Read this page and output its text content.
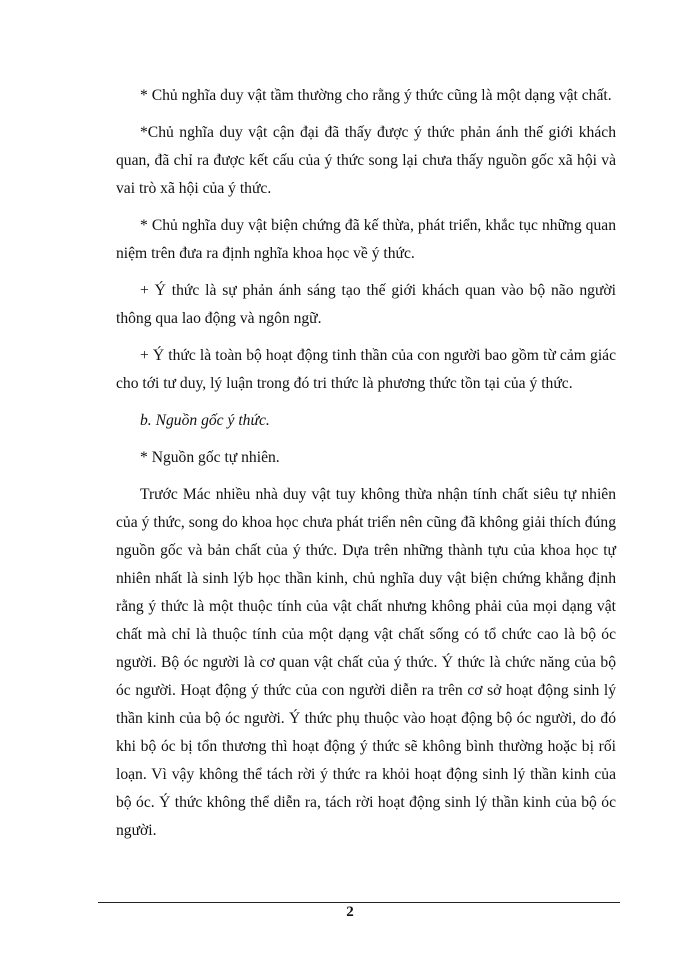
* Chủ nghĩa duy vật tầm thường cho rằng ý thức cũng là một dạng vật chất.

*Chủ nghĩa duy vật cận đại đã thấy được ý thức phản ánh thế giới khách quan, đã chỉ ra được kết cấu của ý thức song lại chưa thấy nguồn gốc xã hội và vai trò xã hội của ý thức.

* Chủ nghĩa duy vật biện chứng đã kế thừa, phát triển, khắc tục những quan niệm trên đưa ra định nghĩa khoa học về ý thức.

+ Ý thức là sự phản ánh sáng tạo thế giới khách quan vào bộ não người thông qua lao động và ngôn ngữ.

+ Ý thức là toàn bộ hoạt động tinh thần của con người bao gồm từ cảm giác cho tới tư duy, lý luận trong đó tri thức là phương thức tồn tại của ý thức.

b. Nguồn gốc ý thức.

* Nguồn gốc tự nhiên.

Trước Mác nhiều nhà duy vật tuy không thừa nhận tính chất siêu tự nhiên của ý thức, song do khoa học chưa phát triển nên cũng đã không giải thích đúng nguồn gốc và bản chất của ý thức. Dựa trên những thành tựu của khoa học tự nhiên nhất là sinh lýb học thần kinh, chủ nghĩa duy vật biện chứng khẳng định rằng ý thức là một thuộc tính của vật chất nhưng không phải của mọi dạng vật chất mà chỉ là thuộc tính của một dạng vật chất sống có tổ chức cao là bộ óc người. Bộ óc người là cơ quan vật chất của ý thức. Ý thức là chức năng của bộ óc người. Hoạt động ý thức của con người diễn ra trên cơ sở hoạt động sinh lý thần kinh của bộ óc người. Ý thức phụ thuộc vào hoạt động bộ óc người, do đó khi bộ óc bị tổn thương thì hoạt động ý thức sẽ không bình thường hoặc bị rối loạn. Vì vậy không thể tách rời ý thức ra khỏi hoạt động sinh lý thần kinh của bộ óc. Ý thức không thể diễn ra, tách rời hoạt động sinh lý thần kinh của bộ óc người.

2
